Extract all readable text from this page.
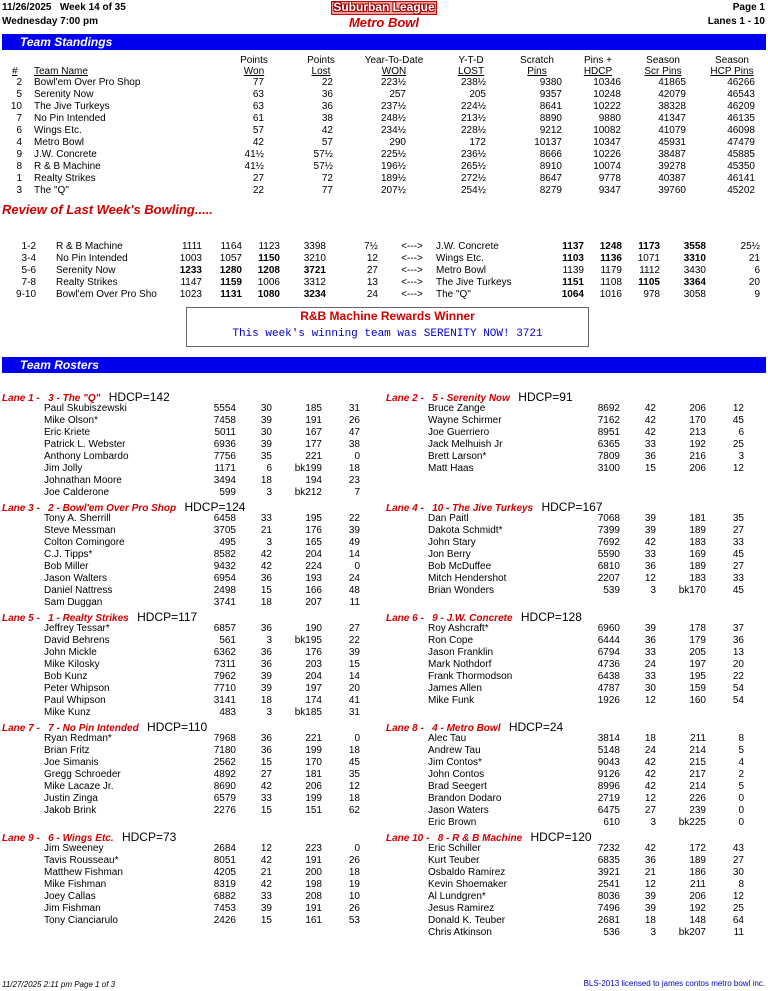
11/26/2025 Week 14 of 35	Suburban League	Page 1
Wednesday 7:00 pm	Metro Bowl	Lanes 1 - 10
Team Standings
Points
Won
Points
Lost
Year-To-Date
WON
Y-T-D
LOST
Scratch
Pins
Pins +
HDCP
Season
Scr Pins
Season
HCP Pins
# Team Name
2 Bowl'em Over Pro Shop	77	22	223½	238½	9380	10346	41865	46266
5 Serenity Now	63	36	257	205	9357	10248	42079	46543
10 The Jive Turkeys	63	36	237½	224½	8641	10222	38328	46209
7 No Pin Intended	61	38	248½	213½	8890	9880	41347	46135
6 Wings Etc.	57	42	234½	228½	9212	10082	41079	46098
4 Metro Bowl	42	57	290	172	10137	10347	45931	47479
9 J.W. Concrete	41½	57½	225½	236½	8666	10226	38487	45885
8 R & B Machine	41½	57½	196½	265½	8910	10074	39278	45350
1 Realty Strikes	27	72	189½	272½	8647	9778	40387	46141
3 The "Q"	22	77	207½	254½	8279	9347	39760	45202
Review of Last Week's Bowling.....
1-2 R & B Machine	1111	1164	1123	3398	7½	<--->	J.W. Concrete	1137	1248	1173	3558	25½
3-4 No Pin Intended	1003	1057	1150	3210	12	<--->	Wings Etc.	1103	1136	1071	3310	21
5-6 Serenity Now	1233	1280	1208	3721	27	<--->	Metro Bowl	1139	1179	1112	3430	6
7-8 Realty Strikes	1147	1159	1006	3312	13	<--->	The Jive Turkeys	1151	1108	1105	3364	20
9-10 Bowl'em Over Pro Sho	1023	1131	1080	3234	24	<--->	The "Q"	1064	1016	978	3058	9
R&B Machine Rewards Winner
This week's winning team was SERENITY NOW! 3721
Team Rosters
Lane 1 - 3 - The "Q" HDCP=142
Paul Skubiszewski	5554	30	185	31
Mike Olson*	7458	39	191	26
Eric Kriete	5011	30	167	47
Patrick L. Webster	6936	39	177	38
Anthony Lombardo	7756	35	221	0
Jim Jolly	1171	6	bk199	18
Johnathan Moore	3494	18	194	23
Joe Calderone	599	3	bk212	7
Lane 3 - 2 - Bowl'em Over Pro Shop HDCP=124
Tony A. Sherrill	6458	33	195	22
Steve Messman	3705	21	176	39
Colton Comingore	495	3	165	49
C.J. Tipps*	8582	42	204	14
Bob Miller	9432	42	224	0
Jason Walters	6954	36	193	24
Daniel Nattress	2498	15	166	48
Sam Duggan	3741	18	207	11
Lane 5 - 1 - Realty Strikes HDCP=117
Jeffrey Tessar*	6857	36	190	27
David Behrens	561	3	bk195	22
John Mickle	6362	36	176	39
Mike Kilosky	7311	36	203	15
Bob Kunz	7962	39	204	14
Peter Whipson	7710	39	197	20
Paul Whipson	3141	18	174	41
Mike Kunz	483	3	bk185	31
Lane 7 - 7 - No Pin Intended HDCP=110
Ryan Redman*	7968	36	221	0
Brian Fritz	7180	36	199	18
Joe Simanis	2562	15	170	45
Gregg Schroeder	4892	27	181	35
Mike Lacaze Jr.	8690	42	206	12
Justin Zinga	6579	33	199	18
Jakob Brink	2276	15	151	62
Lane 9 - 6 - Wings Etc. HDCP=73
Jim Sweeney	2684	12	223	0
Tavis Rousseau*	8051	42	191	26
Matthew Fishman	4205	21	200	18
Mike Fishman	8319	42	198	19
Joey Callas	6882	33	208	10
Jim Fishman	7453	39	191	26
Tony Cianciarulo	2426	15	161	53
Lane 2 - 5 - Serenity Now HDCP=91
Bruce Zange	8692	42	206	12
Wayne Schirmer	7162	42	170	45
Joe Guerriero	8951	42	213	6
Jack Melhuish Jr	6365	33	192	25
Brett Larson*	7809	36	216	3
Matt Haas	3100	15	206	12
Lane 4 - 10 - The Jive Turkeys HDCP=167
Dan Paitl	7068	39	181	35
Dakota Schmidt*	7399	39	189	27
John Stary	7692	42	183	33
Jon Berry	5590	33	169	45
Bob McDuffee	6810	36	189	27
Mitch Hendershot	2207	12	183	33
Brian Wonders	539	3	bk170	45
Lane 6 - 9 - J.W. Concrete HDCP=128
Roy Ashcraft*	6960	39	178	37
Ron Cope	6444	36	179	36
Jason Franklin	6794	33	205	13
Mark Nothdorf	4736	24	197	20
Frank Thormodson	6438	33	195	22
James Allen	4787	30	159	54
Mike Funk	1926	12	160	54
Lane 8 - 4 - Metro Bowl HDCP=24
Alec Tau	3814	18	211	8
Andrew Tau	5148	24	214	5
Jim Contos*	9043	42	215	4
John Contos	9126	42	217	2
Brad Seegert	8996	42	214	5
Brandon Dodaro	2719	12	226	0
Jason Waters	6475	27	239	0
Eric Brown	610	3	bk225	0
Lane 10 - 8 - R & B Machine HDCP=120
Eric Schiller	7232	42	172	43
Kurt Teuber	6835	36	189	27
Osbaldo Ramirez	3921	21	186	30
Kevin Shoemaker	2541	12	211	8
Al Lundgren*	8036	39	206	12
Jesus Ramirez	7496	39	192	25
Donald K. Teuber	2681	18	148	64
Chris Atkinson	536	3	bk207	11
11/27/2025 2:11 pm Page 1 of 3	BLS-2013 licensed to james contos metro bowl inc.
